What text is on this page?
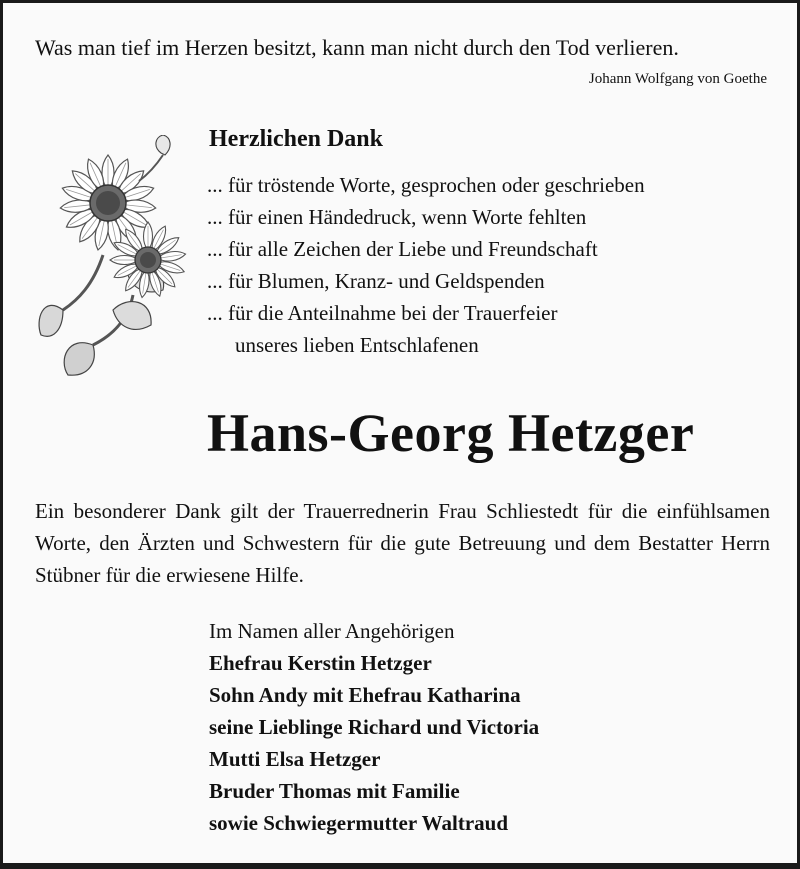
Was man tief im Herzen besitzt, kann man nicht durch den Tod verlieren.
Johann Wolfgang von Goethe
Herzlichen Dank
... für tröstende Worte, gesprochen oder geschrieben
... für einen Händedruck, wenn Worte fehlten
... für alle Zeichen der Liebe und Freundschaft
... für Blumen, Kranz- und Geldspenden
... für die Anteilnahme bei der Trauerfeier
unseres lieben Entschlafenen
Hans-Georg Hetzger
Ein besonderer Dank gilt der Trauerrednerin Frau Schliestedt für die einfühlsamen Worte, den Ärzten und Schwestern für die gute Betreuung und dem Bestatter Herrn Stübner für die erwiesene Hilfe.
Im Namen aller Angehörigen
Ehefrau Kerstin Hetzger
Sohn Andy mit Ehefrau Katharina
seine Lieblinge Richard und Victoria
Mutti Elsa Hetzger
Bruder Thomas mit Familie
sowie Schwiegermutter Waltraud
